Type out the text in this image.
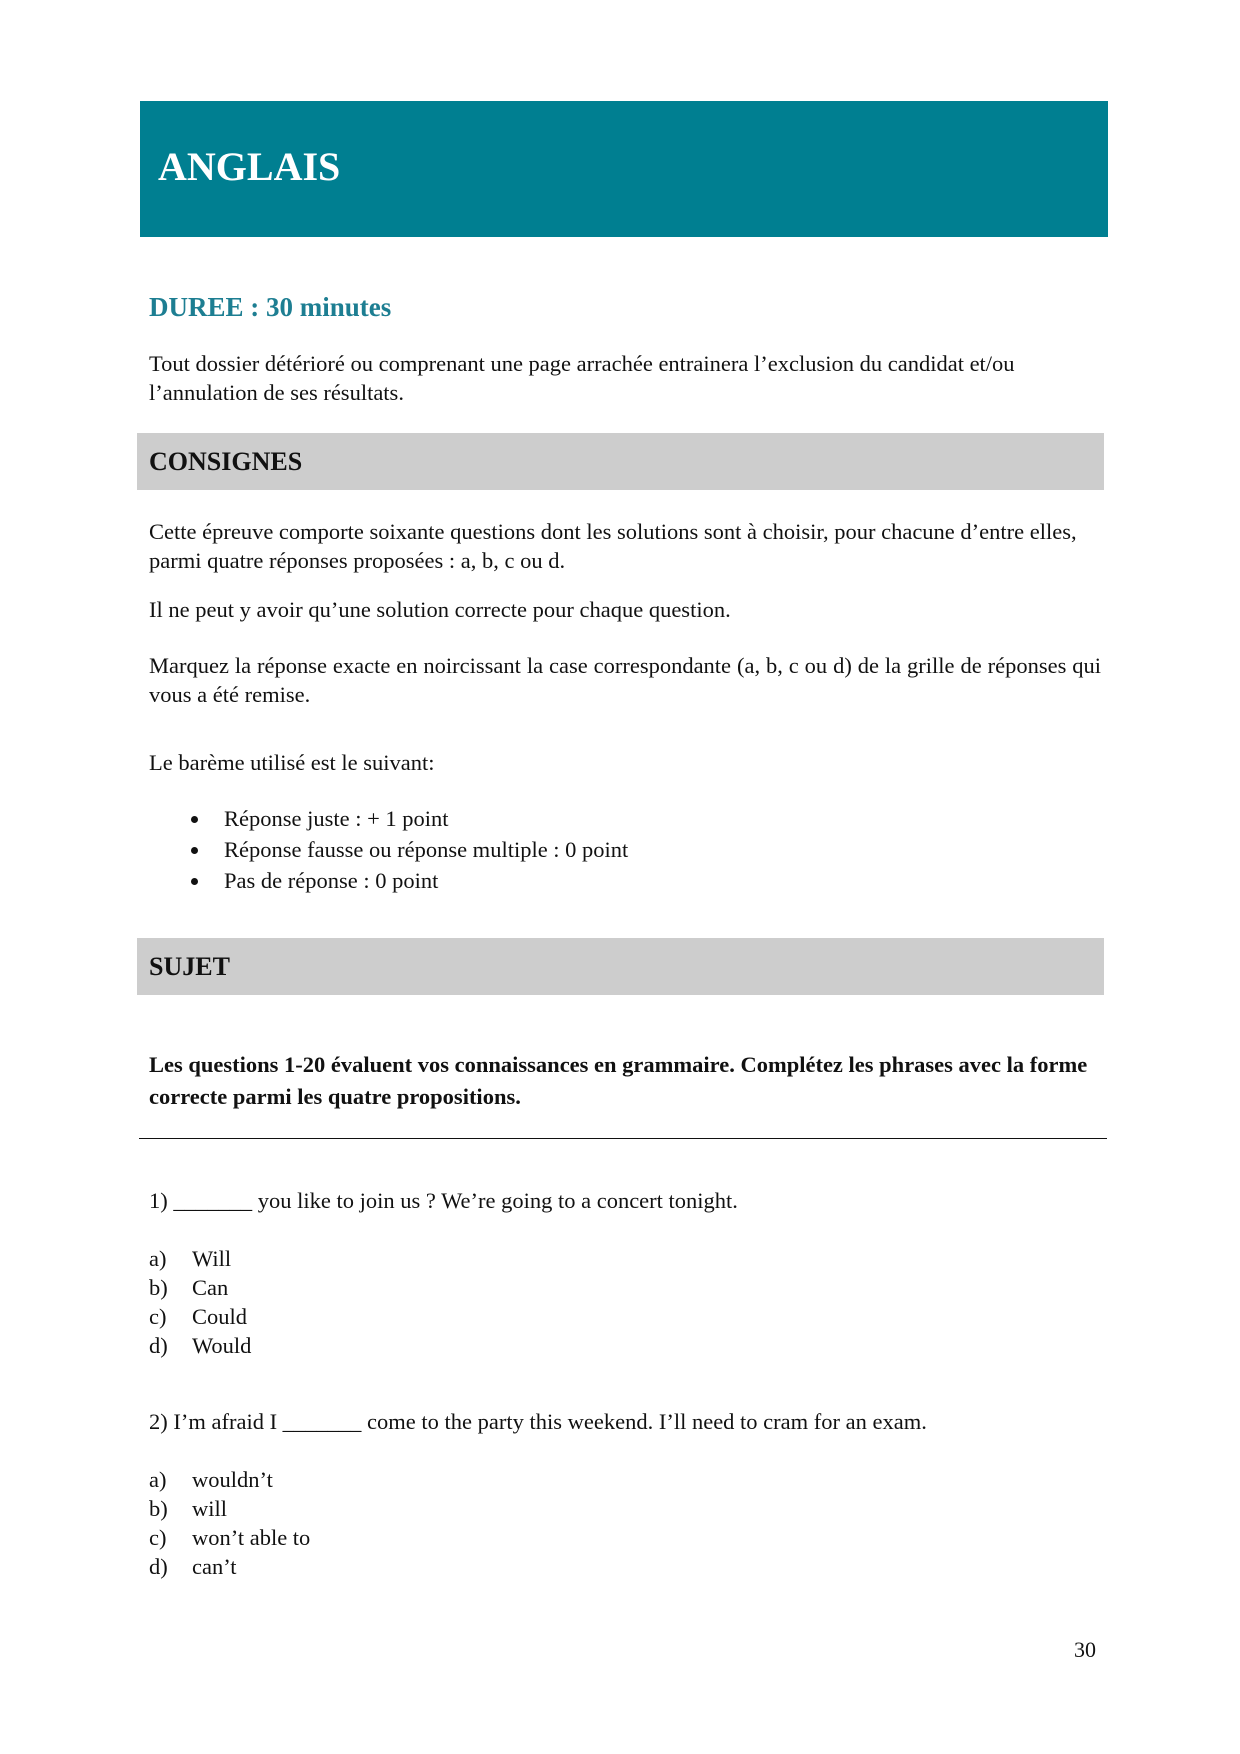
ANGLAIS
DUREE : 30 minutes
Tout dossier détérioré ou comprenant une page arrachée entrainera l’exclusion du candidat et/ou l’annulation de ses résultats.
CONSIGNES
Cette épreuve comporte soixante questions dont les solutions sont à choisir, pour chacune d’entre elles, parmi quatre réponses proposées : a, b, c ou d.
Il ne peut y avoir qu’une solution correcte pour chaque question.
Marquez la réponse exacte en noircissant la case correspondante (a, b, c ou d) de la grille de réponses qui vous a été remise.
Le barème utilisé est le suivant:
Réponse juste : + 1 point
Réponse fausse ou réponse multiple : 0 point
Pas de réponse : 0 point
SUJET
Les questions 1-20 évaluent vos connaissances en grammaire. Complétez les phrases avec la forme correcte parmi les quatre propositions.
1) _______ you like to join us ? We’re going to a concert tonight.
a) Will
b) Can
c) Could
d) Would
2) I’m afraid I _______ come to the party this weekend. I’ll need to cram for an exam.
a) wouldn’t
b) will
c) won’t able to
d) can’t
30
